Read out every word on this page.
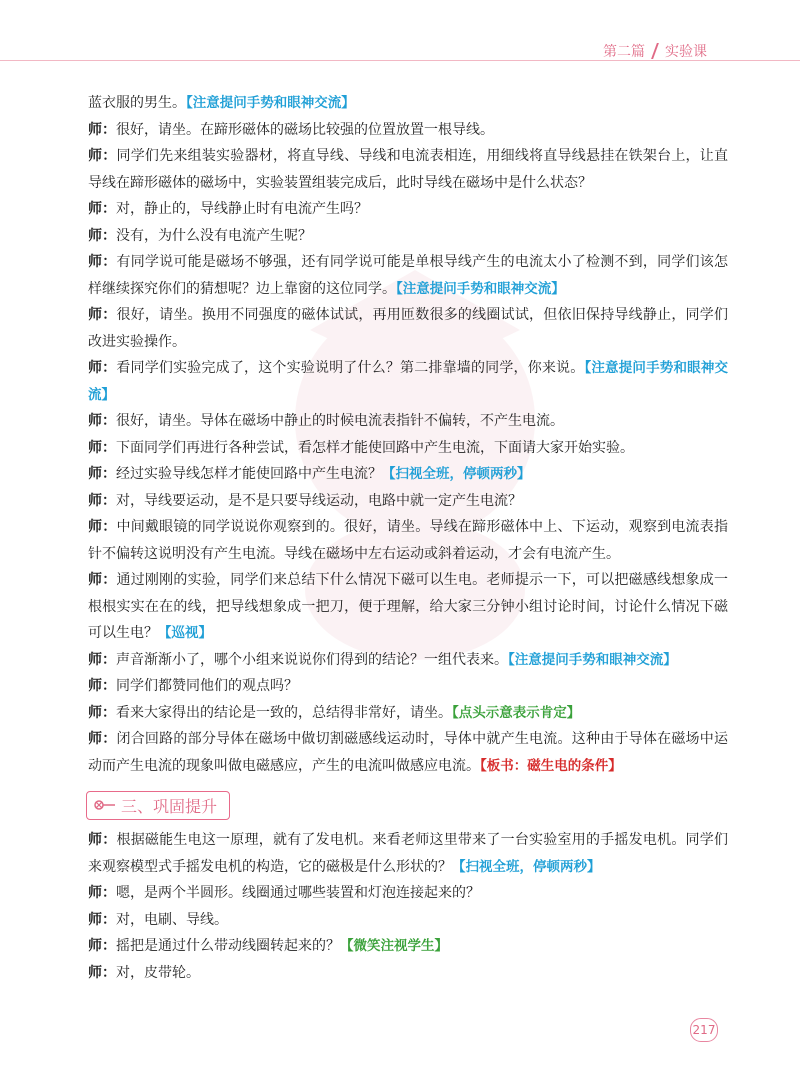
第二篇 实验课

蓝衣服的男生。【注意提问手势和眼神交流】

师：很好，请坐。在蹄形磁体的磁场比较强的位置放置一根导线。

师：同学们先来组装实验器材，将直导线、导线和电流表相连，用细线将直导线悬挂在铁架台上，让直导线在蹄形磁体的磁场中，实验装置组装完成后，此时导线在磁场中是什么状态？

师：对，静止的，导线静止时有电流产生吗？

师：没有，为什么没有电流产生呢？

师：有同学说可能是磁场不够强，还有同学说可能是单根导线产生的电流太小了检测不到，同学们该怎样继续探究你们的猜想呢？边上靠窗的这位同学。【注意提问手势和眼神交流】

师：很好，请坐。换用不同强度的磁体试试，再用匝数很多的线圈试试，但依旧保持导线静止，同学们改进实验操作。

师：看同学们实验完成了，这个实验说明了什么？第二排靠墙的同学，你来说。【注意提问手势和眼神交流】

师：很好，请坐。导体在磁场中静止的时候电流表指针不偏转，不产生电流。

师：下面同学们再进行各种尝试，看怎样才能使回路中产生电流，下面请大家开始实验。

师：经过实验导线怎样才能使回路中产生电流？【扫视全班，停顿两秒】

师：对，导线要运动，是不是只要导线运动，电路中就一定产生电流？

师：中间戴眼镜的同学说说你观察到的。很好，请坐。导线在蹄形磁体中上、下运动，观察到电流表指针不偏转这说明没有产生电流。导线在磁场中左右运动或斜着运动，才会有电流产生。

师：通过刚刚的实验，同学们来总结下什么情况下磁可以生电。老师提示一下，可以把磁感线想象成一根根实实在在的线，把导线想象成一把刀，便于理解，给大家三分钟小组讨论时间，讨论什么情况下磁可以生电？【巡视】

师：声音渐渐小了，哪个小组来说说你们得到的结论？一组代表来。【注意提问手势和眼神交流】

师：同学们都赞同他们的观点吗？

师：看来大家得出的结论是一致的，总结得非常好，请坐。【点头示意表示肯定】

师：闭合回路的部分导体在磁场中做切割磁感线运动时，导体中就产生电流。这种由于导体在磁场中运动而产生电流的现象叫做电磁感应，产生的电流叫做感应电流。【板书：磁生电的条件】

三、巩固提升

师：根据磁能生电这一原理，就有了发电机。来看老师这里带来了一台实验室用的手摇发电机。同学们来观察模型式手摇发电机的构造，它的磁极是什么形状的？【扫视全班，停顿两秒】

师：嗯，是两个半圆形。线圈通过哪些装置和灯泡连接起来的？

师：对，电刷、导线。

师：摇把是通过什么带动线圈转起来的？【微笑注视学生】

师：对，皮带轮。

217
